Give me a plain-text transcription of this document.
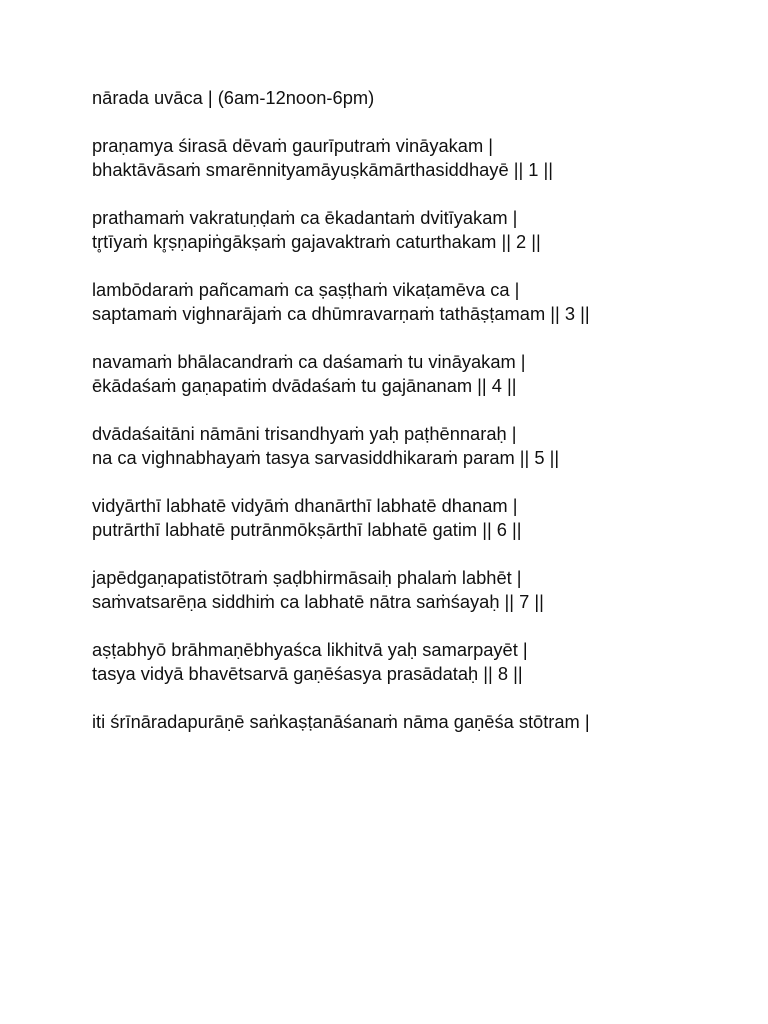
nārada uvāca | (6am-12noon-6pm)

praṇamya śirasā dēvaṁ gaurīputraṁ vināyakam |

bhaktāvāsaṁ smarēnnityamāyuṣkāmārthasiddhayē || 1 ||

prathamaṁ vakratuṇḍaṁ ca ēkadantaṁ dvitīyakam |

tr̥tīyaṁ kr̥ṣṇapiṅgākṣaṁ gajavaktraṁ caturthakam || 2 ||

lambōdaraṁ pañcamaṁ ca ṣaṣṭhaṁ vikaṭamēva ca |

saptamaṁ vighnarājaṁ ca dhūmravarṇaṁ tathāṣṭamam || 3 ||

navamaṁ bhālacandraṁ ca daśamaṁ tu vināyakam |

ēkādaśaṁ gaṇapatiṁ dvādaśaṁ tu gajānanam || 4 ||

dvādaśaitāni nāmāni trisandhyaṁ yaḥ paṭhēnnaraḥ |

na ca vighnabhayaṁ tasya sarvasiddhikaraṁ param || 5 ||

vidyārthī labhatē vidyāṁ dhanārthī labhatē dhanam |

putrārthī labhatē putrānmōkṣārthī labhatē gatim || 6 ||

japēdgaṇapatistōtraṁ ṣaḍbhirmāsaiḥ phalaṁ labhēt |

saṁvatsarēṇa siddhiṁ ca labhatē nātra saṁśayaḥ || 7 ||

aṣṭabhyō brāhmaṇēbhyaśca likhitvā yaḥ samarpayēt |

tasya vidyā bhavētsarvā gaṇēśasya prasādataḥ || 8 ||

iti śrīnāradapurāṇē saṅkaṣṭanāśanaṁ nāma gaṇēśa stōtram |
